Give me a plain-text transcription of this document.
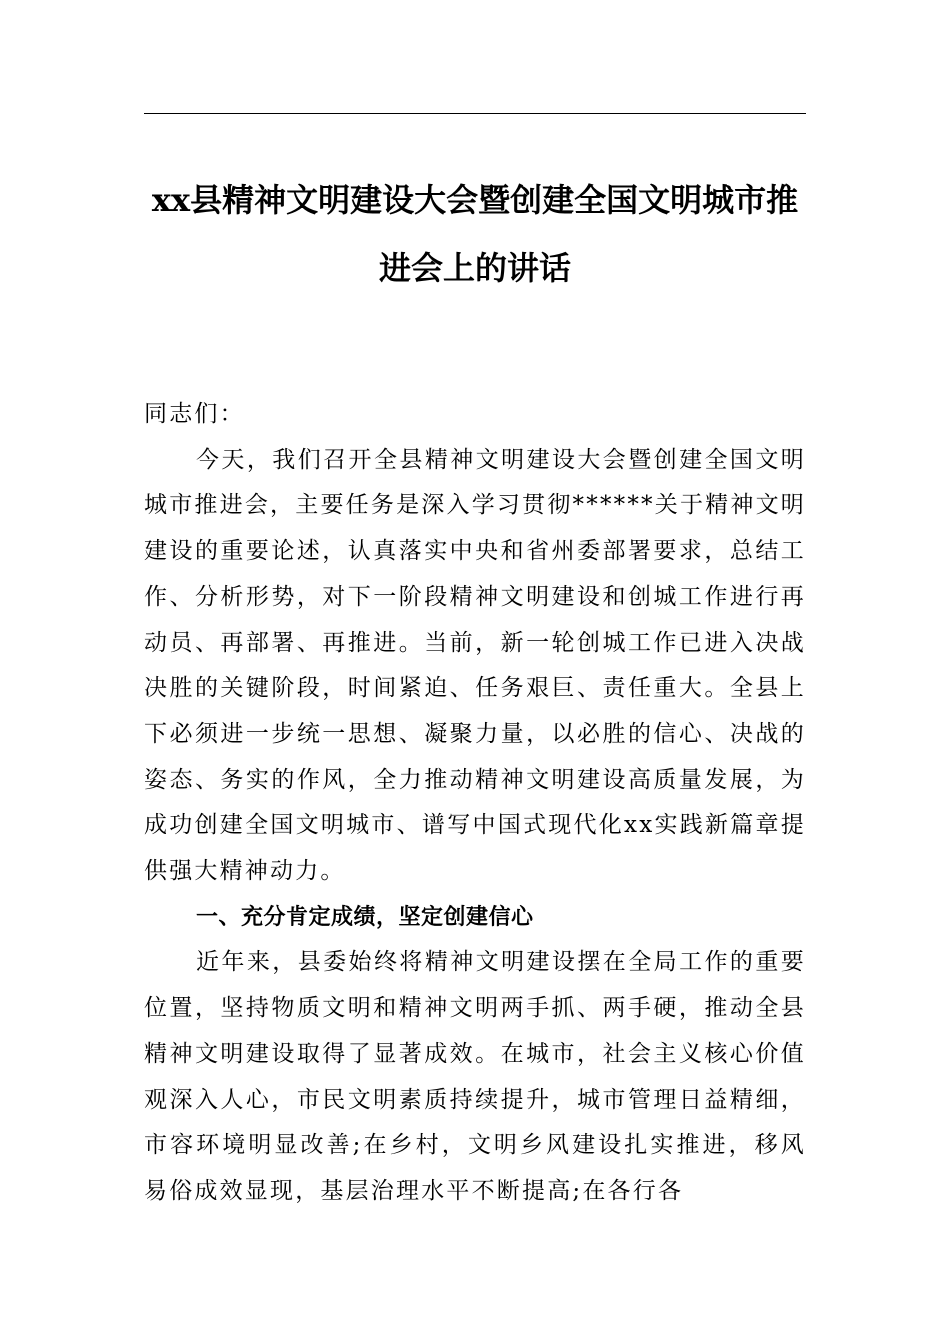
xx县精神文明建设大会暨创建全国文明城市推进会上的讲话

同志们：

今天，我们召开全县精神文明建设大会暨创建全国文明城市推进会，主要任务是深入学习贯彻******关于精神文明建设的重要论述，认真落实中央和省州委部署要求，总结工作、分析形势，对下一阶段精神文明建设和创城工作进行再动员、再部署、再推进。当前，新一轮创城工作已进入决战决胜的关键阶段，时间紧迫、任务艰巨、责任重大。全县上下必须进一步统一思想、凝聚力量，以必胜的信心、决战的姿态、务实的作风，全力推动精神文明建设高质量发展，为成功创建全国文明城市、谱写中国式现代化xx实践新篇章提供强大精神动力。

一、充分肯定成绩，坚定创建信心

近年来，县委始终将精神文明建设摆在全局工作的重要位置，坚持物质文明和精神文明两手抓、两手硬，推动全县精神文明建设取得了显著成效。在城市，社会主义核心价值观深入人心，市民文明素质持续提升，城市管理日益精细，市容环境明显改善;在乡村，文明乡风建设扎实推进，移风易俗成效显现，基层治理水平不断提高;在各行各
